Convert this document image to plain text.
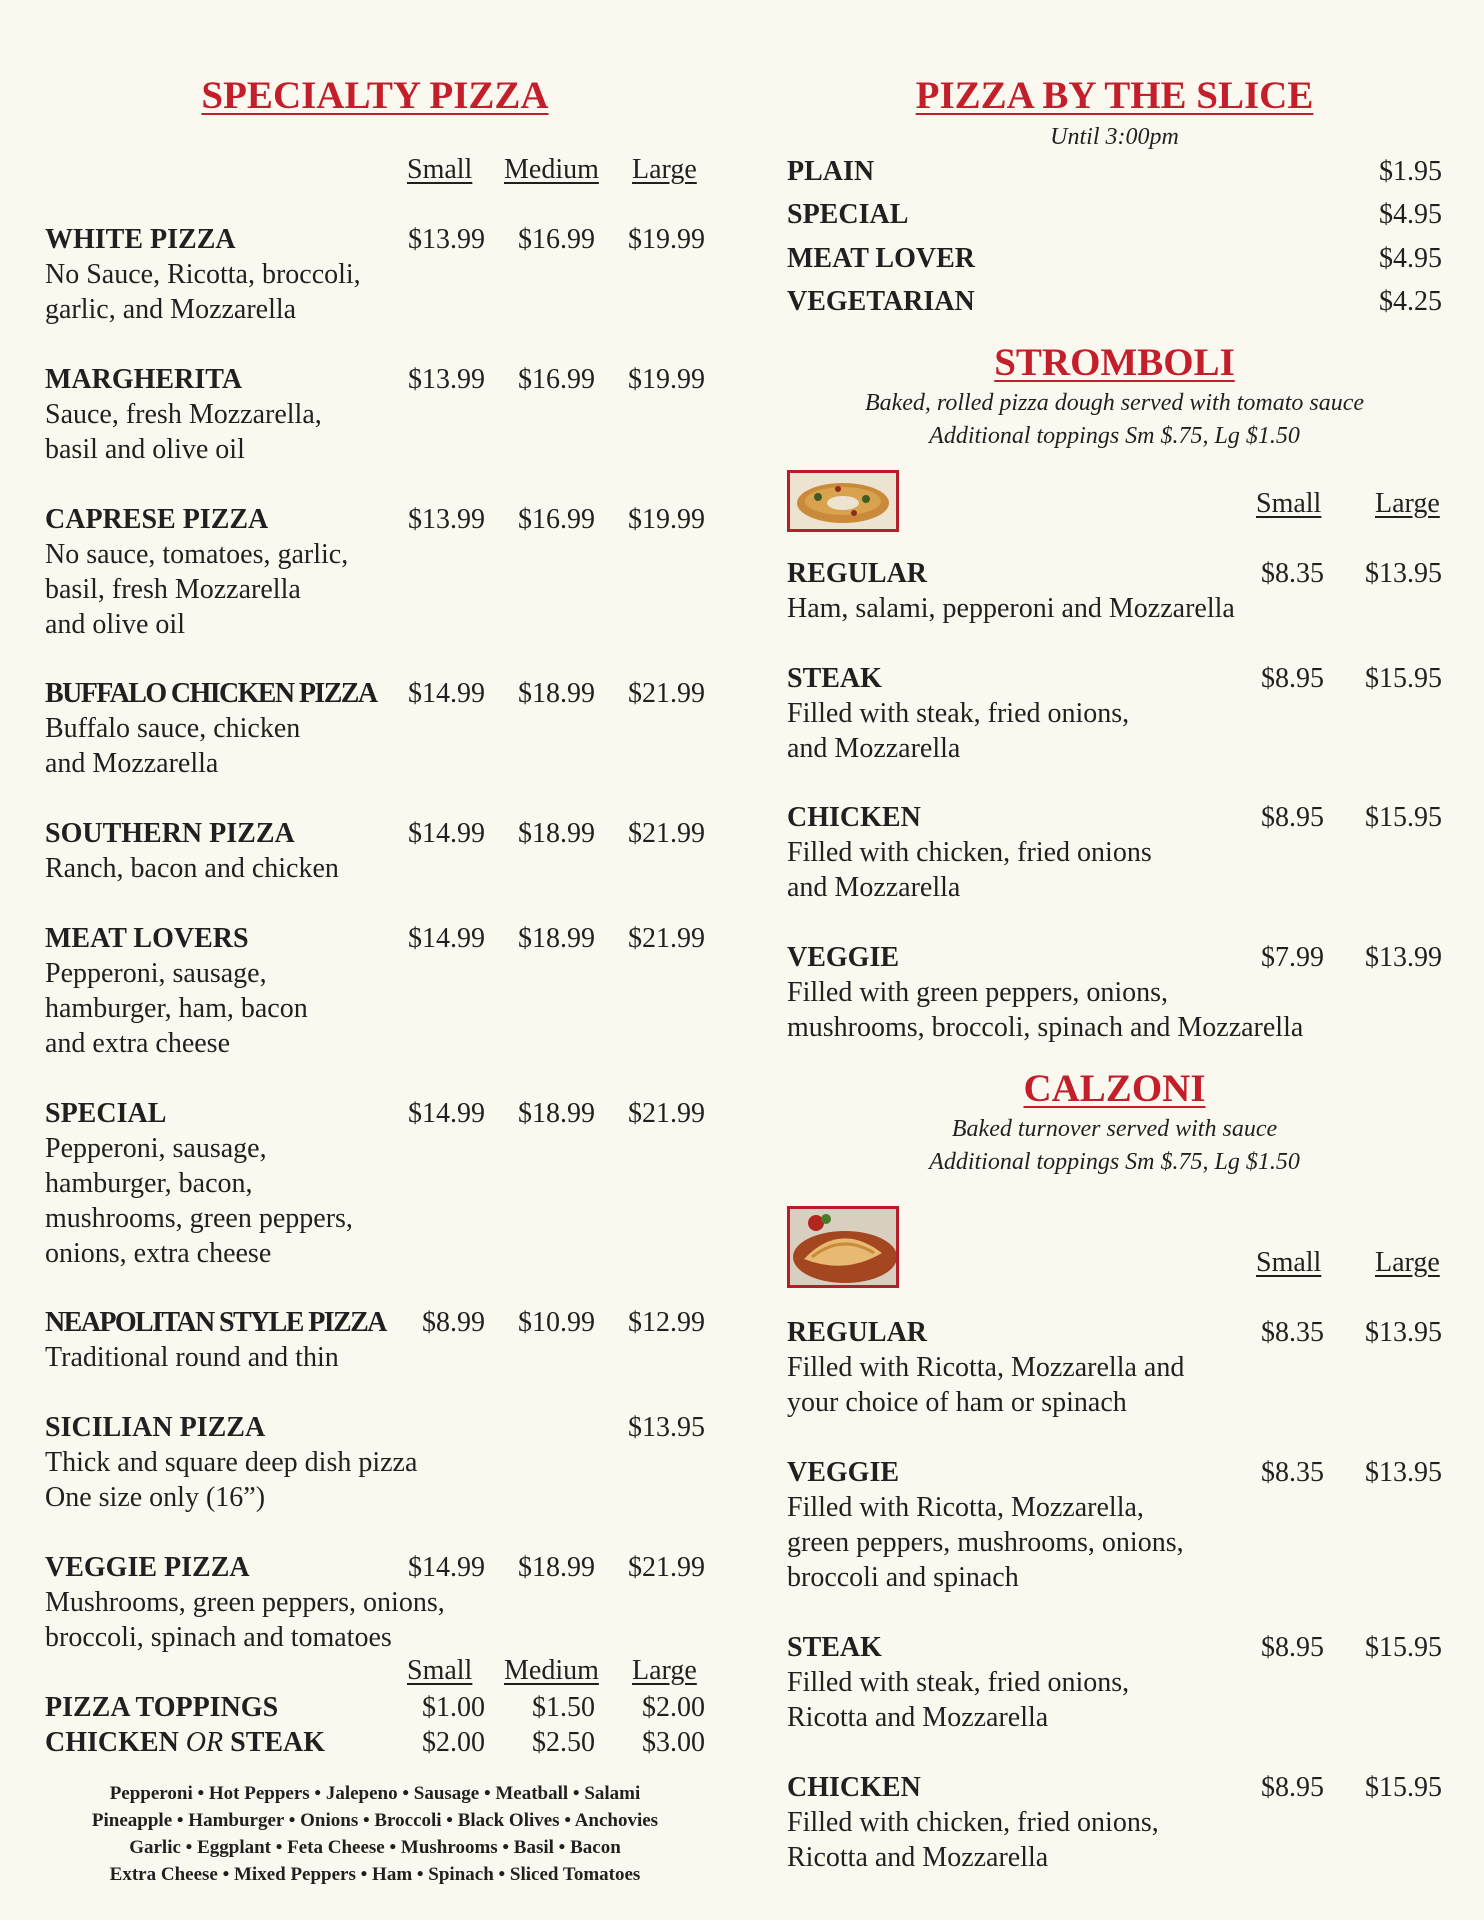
SPECIALTY PIZZA
Small Medium Large
WHITE PIZZA	$13.99 $16.99 $19.99
No Sauce, Ricotta, broccoli,
garlic, and Mozzarella
MARGHERITA	$13.99 $16.99 $19.99
Sauce, fresh Mozzarella,
basil and olive oil
CAPRESE PIZZA	$13.99 $16.99 $19.99
No sauce, tomatoes, garlic,
basil, fresh Mozzarella
and olive oil
BUFFALO CHICKEN PIZZA	$14.99 $18.99 $21.99
Buffalo sauce, chicken
and Mozzarella
SOUTHERN PIZZA	$14.99 $18.99 $21.99
Ranch, bacon and chicken
MEAT LOVERS	$14.99 $18.99 $21.99
Pepperoni, sausage,
hamburger, ham, bacon
and extra cheese
SPECIAL	$14.99 $18.99 $21.99
Pepperoni, sausage,
hamburger, bacon,
mushrooms, green peppers,
onions, extra cheese
NEAPOLITAN STYLE PIZZA	$8.99 $10.99 $12.99
Traditional round and thin
SICILIAN PIZZA	$13.95
Thick and square deep dish pizza
One size only (16”)
VEGGIE PIZZA	$14.99 $18.99 $21.99
Mushrooms, green peppers, onions,
broccoli, spinach and tomatoes
Small Medium Large
PIZZA TOPPINGS	$1.00 $1.50 $2.00
CHICKEN OR STEAK	$2.00 $2.50 $3.00
Pepperoni • Hot Peppers • Jalepeno • Sausage • Meatball • Salami
Pineapple • Hamburger • Onions • Broccoli • Black Olives • Anchovies
Garlic • Eggplant • Feta Cheese • Mushrooms • Basil • Bacon
Extra Cheese • Mixed Peppers • Ham • Spinach • Sliced Tomatoes
PIZZA BY THE SLICE
Until 3:00pm
PLAIN	$1.95
SPECIAL	$4.95
MEAT LOVER	$4.95
VEGETARIAN	$4.25
STROMBOLI
Baked, rolled pizza dough served with tomato sauce
Additional toppings Sm $.75, Lg $1.50
Small Large
REGULAR	$8.35 $13.95
Ham, salami, pepperoni and Mozzarella
STEAK	$8.95 $15.95
Filled with steak, fried onions,
and Mozzarella
CHICKEN	$8.95 $15.95
Filled with chicken, fried onions
and Mozzarella
VEGGIE	$7.99 $13.99
Filled with green peppers, onions,
mushrooms, broccoli, spinach and Mozzarella
CALZONI
Baked turnover served with sauce
Additional toppings Sm $.75, Lg $1.50
Small Large
REGULAR	$8.35 $13.95
Filled with Ricotta, Mozzarella and
your choice of ham or spinach
VEGGIE	$8.35 $13.95
Filled with Ricotta, Mozzarella,
green peppers, mushrooms, onions,
broccoli and spinach
STEAK	$8.95 $15.95
Filled with steak, fried onions,
Ricotta and Mozzarella
CHICKEN	$8.95 $15.95
Filled with chicken, fried onions,
Ricotta and Mozzarella
